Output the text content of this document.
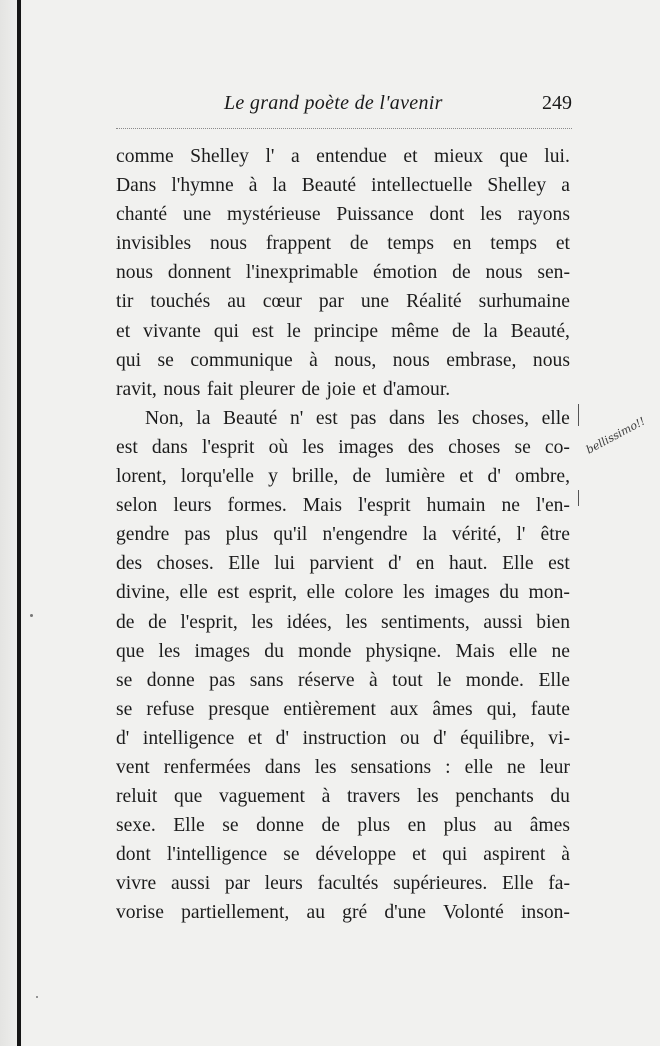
Le grand poète de l'avenir	249
comme Shelley l' a entendue et mieux que lui.
Dans l'hymne à la Beauté intellectuelle Shelley a
chanté une mystérieuse Puissance dont les rayons
invisibles nous frappent de temps en temps et
nous donnent l'inexprimable émotion de nous sen-
tir touchés au cœur par une Réalité surhumaine
et vivante qui est le principe même de la Beauté,
qui se communique à nous, nous embrase, nous
ravit, nous fait pleurer de joie et d'amour.
Non, la Beauté n' est pas dans les choses, elle
est dans l'esprit où les images des choses se co-
lorent, lorqu'elle y brille, de lumière et d' ombre,
selon leurs formes. Mais l'esprit humain ne l'en-
gendre pas plus qu'il n'engendre la vérité, l' être
des choses. Elle lui parvient d' en haut. Elle est
divine, elle est esprit, elle colore les images du mon-
de de l'esprit, les idées, les sentiments, aussi bien
que les images du monde physiqne. Mais elle ne
se donne pas sans réserve à tout le monde. Elle
se refuse presque entièrement aux âmes qui, faute
d' intelligence et d' instruction ou d' équilibre, vi-
vent renfermées dans les sensations : elle ne leur
reluit que vaguement à travers les penchants du
sexe. Elle se donne de plus en plus au âmes
dont l'intelligence se développe et qui aspirent à
vivre aussi par leurs facultés supérieures. Elle fa-
vorise partiellement, au gré d'une Volonté inson-
bellissimo!!
